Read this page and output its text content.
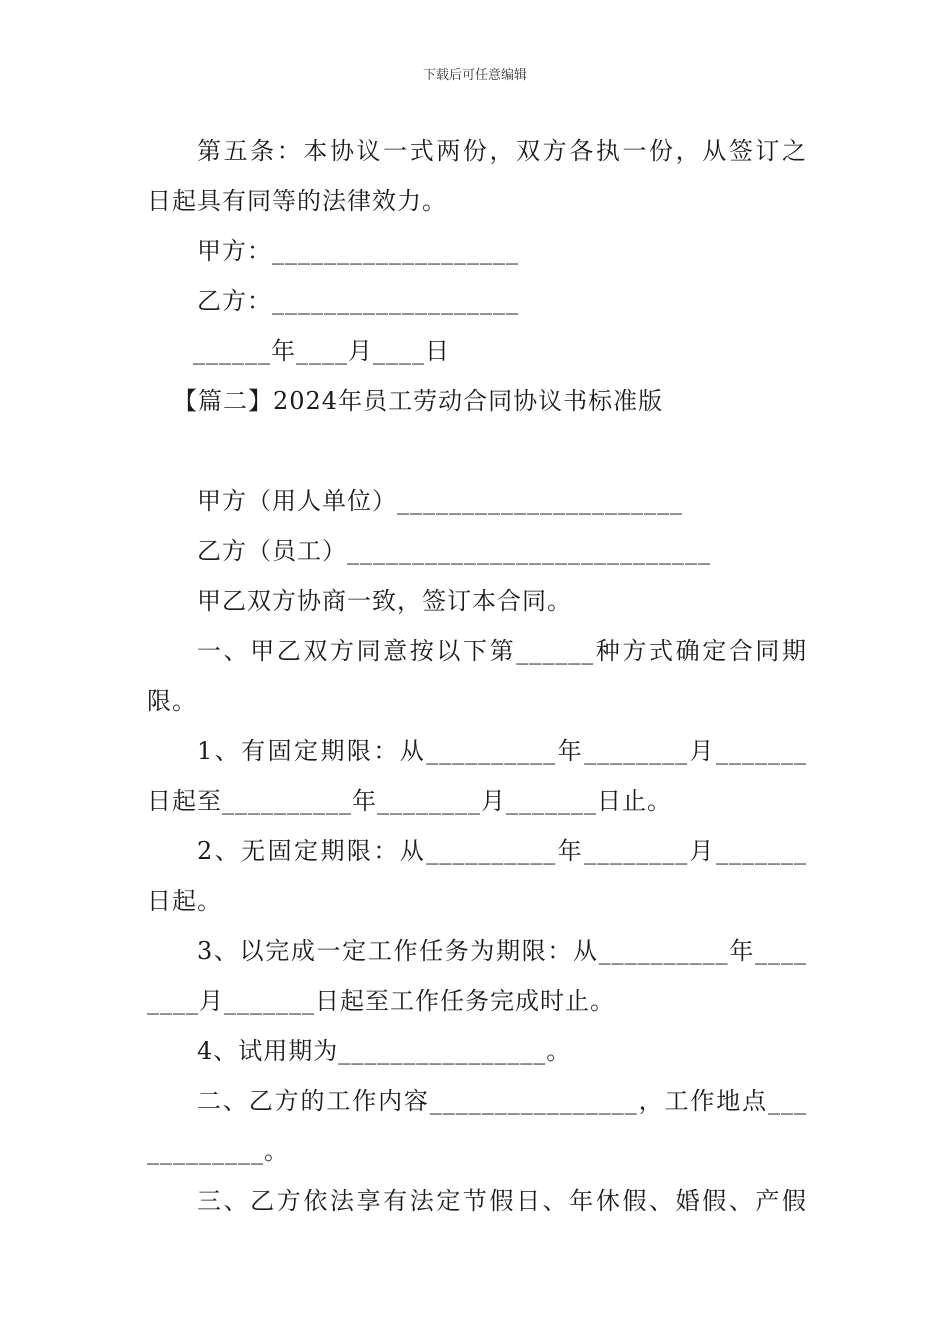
下载后可任意编辑

第五条：本协议一式两份，双方各执一份，从签订之

日起具有同等的法律效力。

甲方：___________________

乙方：___________________

______年____月____日

【篇二】2024年员工劳动合同协议书标准版

甲方（用人单位）______________________

乙方（员工）____________________________

甲乙双方协商一致，签订本合同。

一、甲乙双方同意按以下第______种方式确定合同期

限。

1、有固定期限：从__________年________月_______

日起至__________年________月_______日止。

2、无固定期限：从__________年________月_______

日起。

3、以完成一定工作任务为期限：从__________年____

____月_______日起至工作任务完成时止。

4、试用期为________________。

二、乙方的工作内容________________，工作地点___

_________。

三、乙方依法享有法定节假日、年休假、婚假、产假
